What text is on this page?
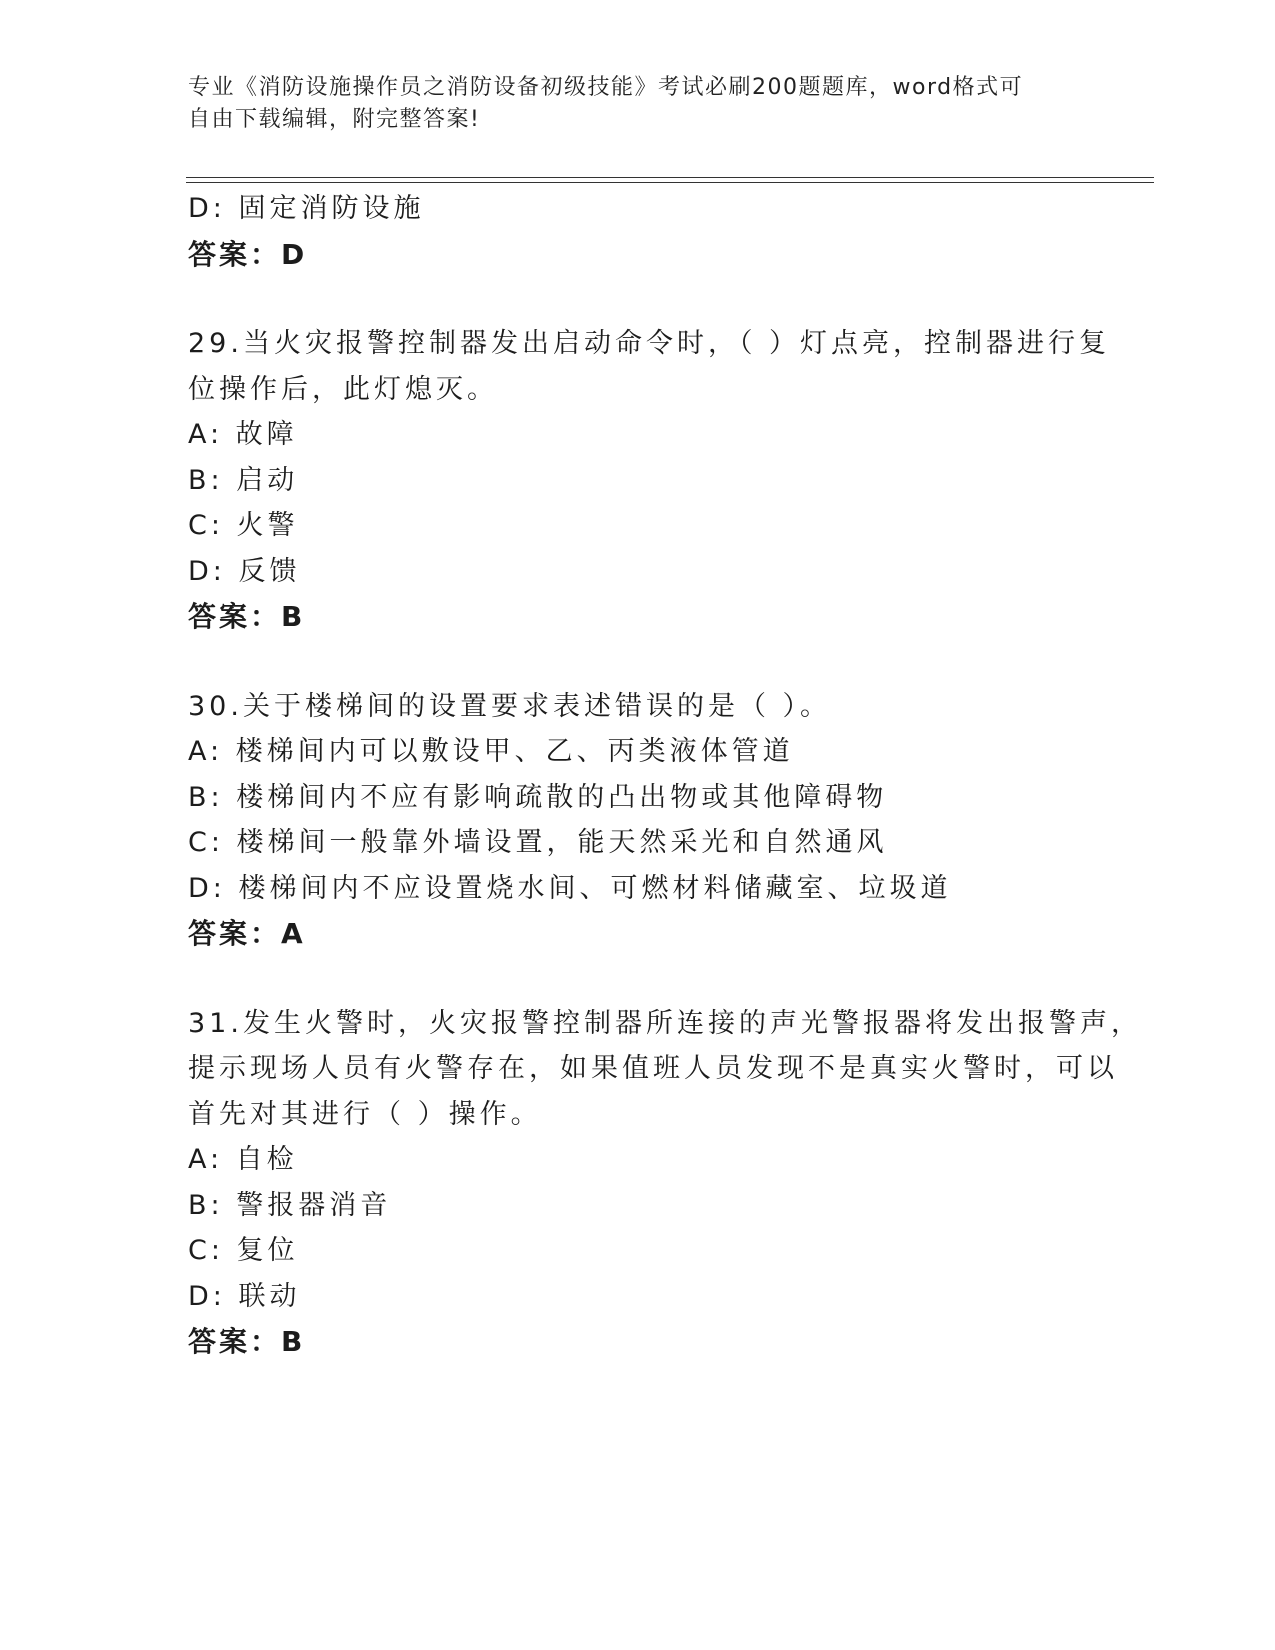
专业《消防设施操作员之消防设备初级技能》考试必刷200题题库，word格式可
自由下载编辑，附完整答案!
D: 固定消防设施
答案：D
29.当火灾报警控制器发出启动命令时，（ ）灯点亮，控制器进行复
位操作后，此灯熄灭。
A: 故障
B: 启动
C: 火警
D: 反馈
答案：B
30.关于楼梯间的设置要求表述错误的是（ ）。
A: 楼梯间内可以敷设甲、乙、丙类液体管道
B: 楼梯间内不应有影响疏散的凸出物或其他障碍物
C: 楼梯间一般靠外墙设置，能天然采光和自然通风
D: 楼梯间内不应设置烧水间、可燃材料储藏室、垃圾道
答案：A
31.发生火警时，火灾报警控制器所连接的声光警报器将发出报警声，
提示现场人员有火警存在，如果值班人员发现不是真实火警时，可以
首先对其进行（ ）操作。
A: 自检
B: 警报器消音
C: 复位
D: 联动
答案：B
